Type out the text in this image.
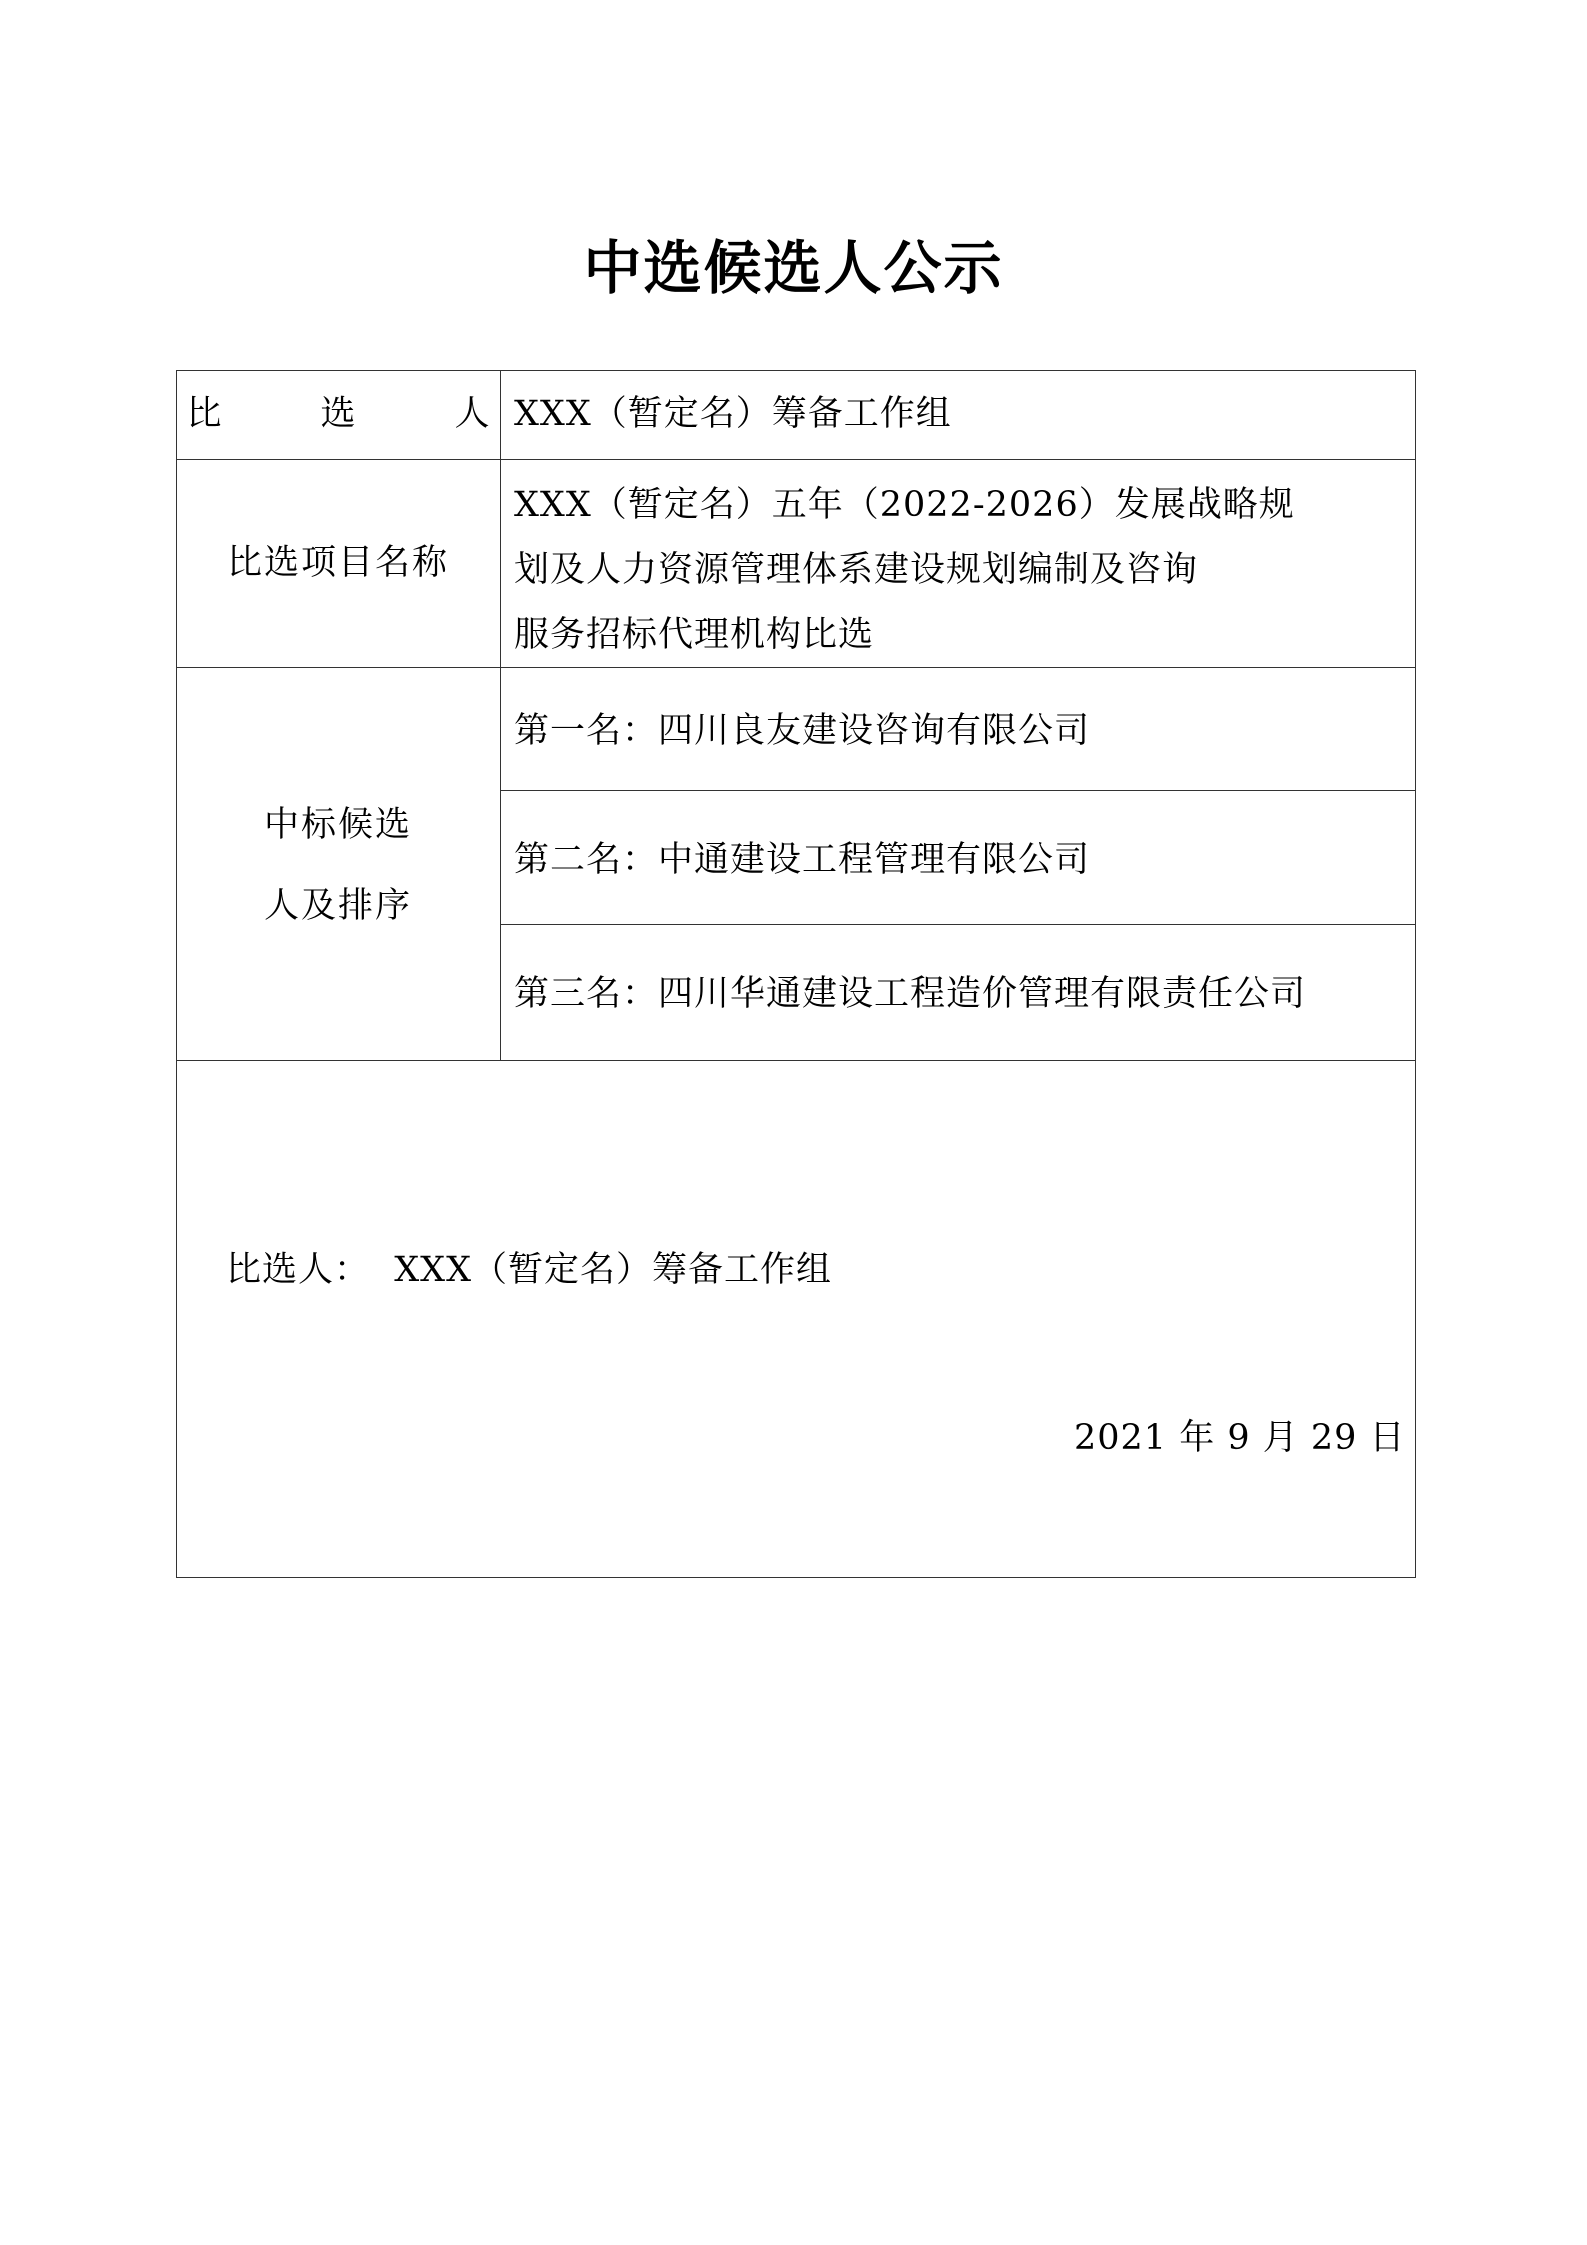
中选候选人公示
比　选　人
XXX（暂定名）筹备工作组
比选项目名称
XXX（暂定名）五年（2022-2026）发展战略规
划及人力资源管理体系建设规划编制及咨询
服务招标代理机构比选
中标候选
人及排序
第一名：四川良友建设咨询有限公司
第二名：中通建设工程管理有限公司
第三名：四川华通建设工程造价管理有限责任公司
比选人：  XXX（暂定名）筹备工作组
2021 年 9 月 29 日
